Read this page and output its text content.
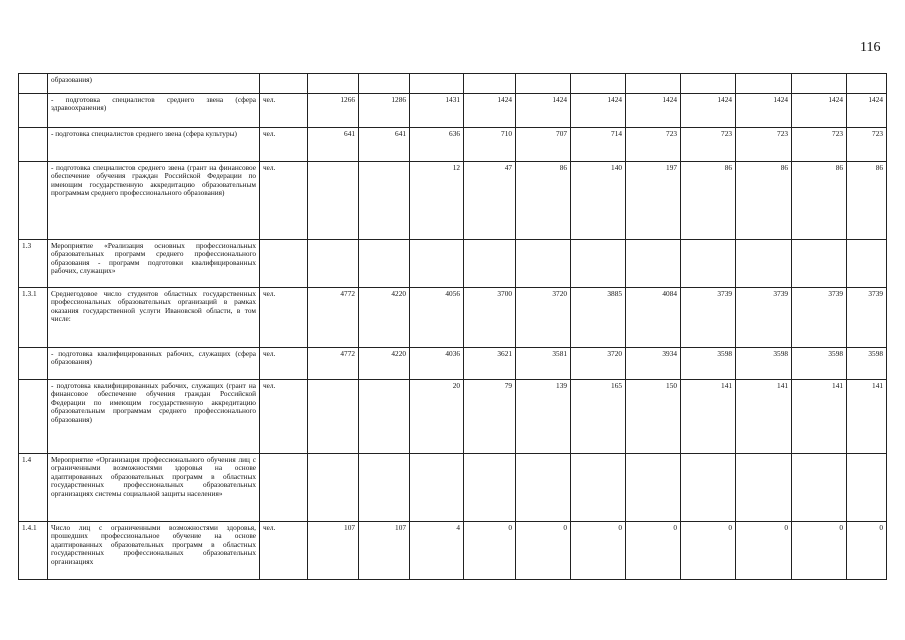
116
	образования)												
	- подготовка специалистов среднего звена (сфера здравоохранения)	чел.	1266	1286	1431	1424	1424	1424	1424	1424	1424	1424	1424
	- подготовка специалистов среднего звена (сфера культуры)	чел.	641	641	636	710	707	714	723	723	723	723	723
	- подготовка специалистов среднего звена (грант на финансовое обеспечение обучения граждан Российской Федерации по имеющим государственную аккредитацию образовательным программам среднего профессионального образования)	чел.			12	47	86	140	197	86	86	86	86
1.3	Мероприятие «Реализация основных профессиональных образовательных программ среднего профессионального образования - программ подготовки квалифицированных рабочих, служащих»												
1.3.1	Среднегодовое число студентов областных государственных профессиональных образовательных организаций в рамках оказания государственной услуги Ивановской области, в том числе:	чел.	4772	4220	4056	3700	3720	3885	4084	3739	3739	3739	3739
	- подготовка квалифицированных рабочих, служащих (сфера образования)	чел.	4772	4220	4036	3621	3581	3720	3934	3598	3598	3598	3598
	- подготовка квалифицированных рабочих, служащих (грант на финансовое обеспечение обучения граждан Российской Федерации по имеющим государственную аккредитацию образовательным программам среднего профессионального образования)	чел.			20	79	139	165	150	141	141	141	141
1.4	Мероприятие «Организация профессионального обучения лиц с ограниченными возможностями здоровья на основе адаптированных образовательных программ в областных государственных профессиональных образовательных организациях системы социальной защиты населения»												
1.4.1	Число лиц с ограниченными возможностями здоровья, прошедших профессиональное обучение на основе адаптированных образовательных программ в областных государственных профессиональных образовательных организациях	чел.	107	107	4	0	0	0	0	0	0	0	0
